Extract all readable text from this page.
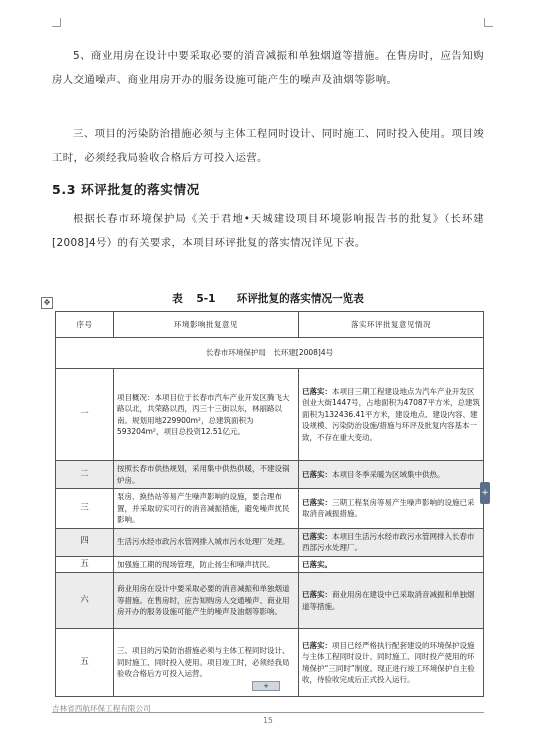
5、商业用房在设计中要采取必要的消音减振和单独烟道等措施。在售房时，应告知购房人交通噪声、商业用房开办的服务设施可能产生的噪声及油烟等影响。
三、项目的污染防治措施必须与主体工程同时设计、同时施工、同时投入使用。项目竣工时，必须经我局验收合格后方可投入运营。
5.3 环评批复的落实情况
根据长春市环境保护局《关于君地•天城建设项目环境影响报告书的批复》（长环建[2008]4号）的有关要求，本项目环评批复的落实情况详见下表。
✥	表 5-1　　环评批复的落实情况一览表
序号	环境影响批复意见	落实环评批复意见情况
长春市环境保护局　长环建[2008]4号		
一	项目概况：本项目位于长春市汽车产业开发区腾飞大路以北，共荣路以西，丙三十三街以东，林丽路以南。规划用地229900m²，总建筑面积为593204m²，项目总投资12.51亿元。	已落实：本项目三期工程建设地点为汽车产业开发区创业大街1447号，占地面积为47087平方米，总建筑面积为132436.41平方米，建设地点、建设内容、建设规模、污染防治设施/措施与环评及批复内容基本一致，不存在重大变动。
二	按照长春市供热规划，采用集中供热供暖，不建设锅炉房。	已落实：本项目冬季采暖为区域集中供热。
三	泵房、换热站等易产生噪声影响的设施，要合理布置，并采取切实可行的消音减振措施，避免噪声扰民影响。	已落实：三期工程泵房等易产生噪声影响的设施已采取消音减振措施。
四	生活污水经市政污水管网排入城市污水处理厂处理。	已落实：本项目生活污水经市政污水管网排入长春市西部污水处理厂。
五	加强施工期的现场管理，防止扬尘和噪声扰民。	已落实。
六	商业用房在设计中要采取必要的消音减振和单独烟道等措施。在售房时，应告知购房人交通噪声、商业用房开办的服务设施可能产生的噪声及油烟等影响。	已落实：商业用房在建设中已采取消音减振和单独烟道等措施。
五	三、项目的污染防治措施必须与主体工程同时设计、同时施工、同时投入使用。项目竣工时，必须经我局验收合格后方可投入运营。	已落实：项目已经严格执行配套建设的环境保护设施与主体工程同时设计、同时施工、同时投产使用的环境保护“三同时”制度。现正进行竣工环境保护自主验收，待验收完成后正式投入运行。
+
+
吉林省西航环保工程有限公司
15
